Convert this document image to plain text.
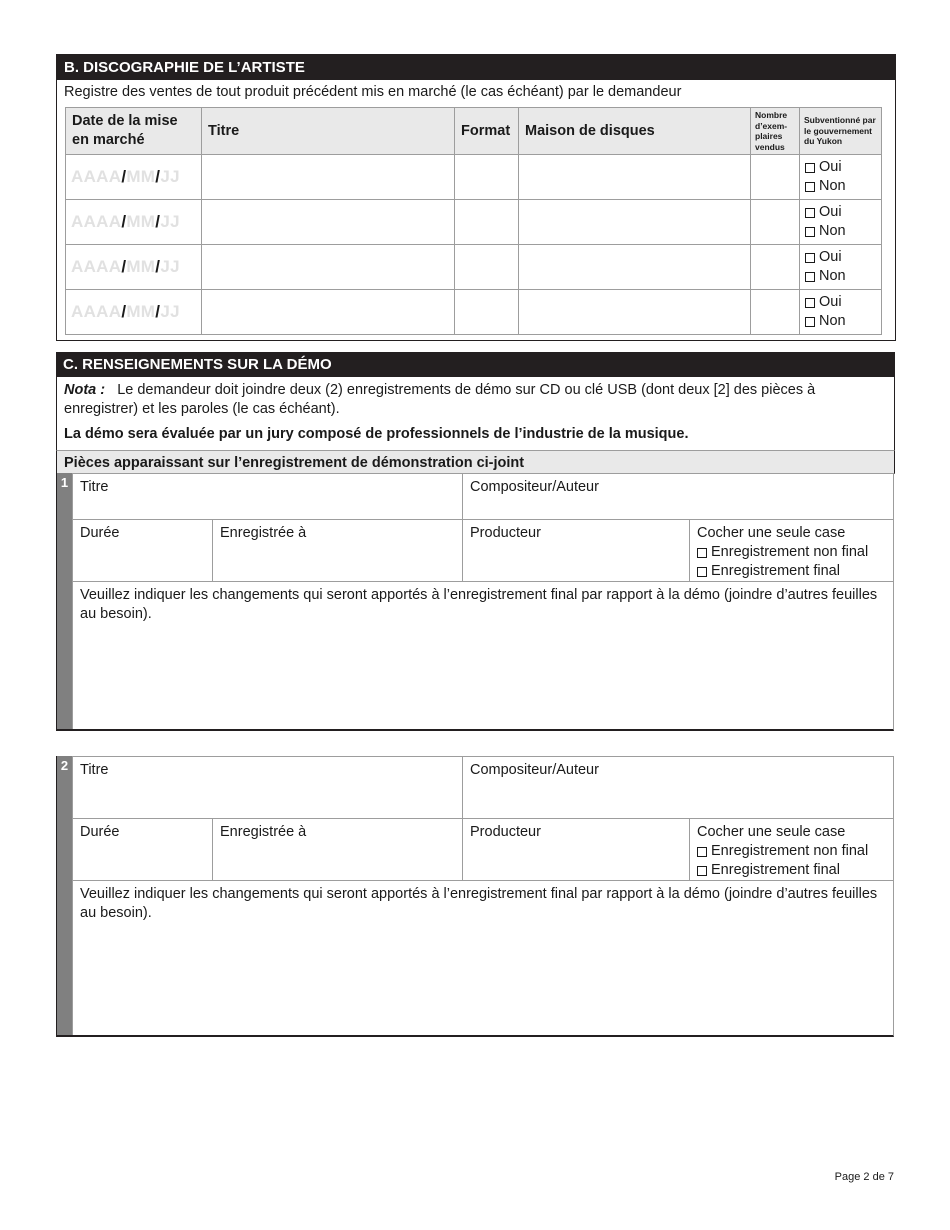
B. DISCOGRAPHIE DE L’ARTISTE
Registre des ventes de tout produit précédent mis en marché (le cas échéant) par le demandeur
Date de la mise en marché	Titre	Format	Maison de disques	Nombre d’exem-plaires vendus	Subventionné par le gouvernement du Yukon
AAAA/MM/JJ					Oui
Non

AAAA/MM/JJ					Oui
Non

AAAA/MM/JJ					Oui
Non

AAAA/MM/JJ					Oui
Non
C. RENSEIGNEMENTS SUR LA DÉMO

Nota : Le demandeur doit joindre deux (2) enregistrements de démo sur CD ou clé USB (dont deux [2] des pièces à enregistrer) et les paroles (le cas échéant).

La démo sera évaluée par un jury composé de professionnels de l’industrie de la musique.

Pièces apparaissant sur l’enregistrement de démonstration ci-joint
1 Titre	Compositeur/Auteur
Durée	Enregistrée à	Producteur	Cocher une seule case
Enregistrement non final
Enregistrement final
Veuillez indiquer les changements qui seront apportés à l’enregistrement final par rapport à la démo (joindre d’autres feuilles au besoin).
2 Titre	Compositeur/Auteur
Durée	Enregistrée à	Producteur	Cocher une seule case
Enregistrement non final
Enregistrement final
Veuillez indiquer les changements qui seront apportés à l’enregistrement final par rapport à la démo (joindre d’autres feuilles au besoin).
Page 2 de 7
